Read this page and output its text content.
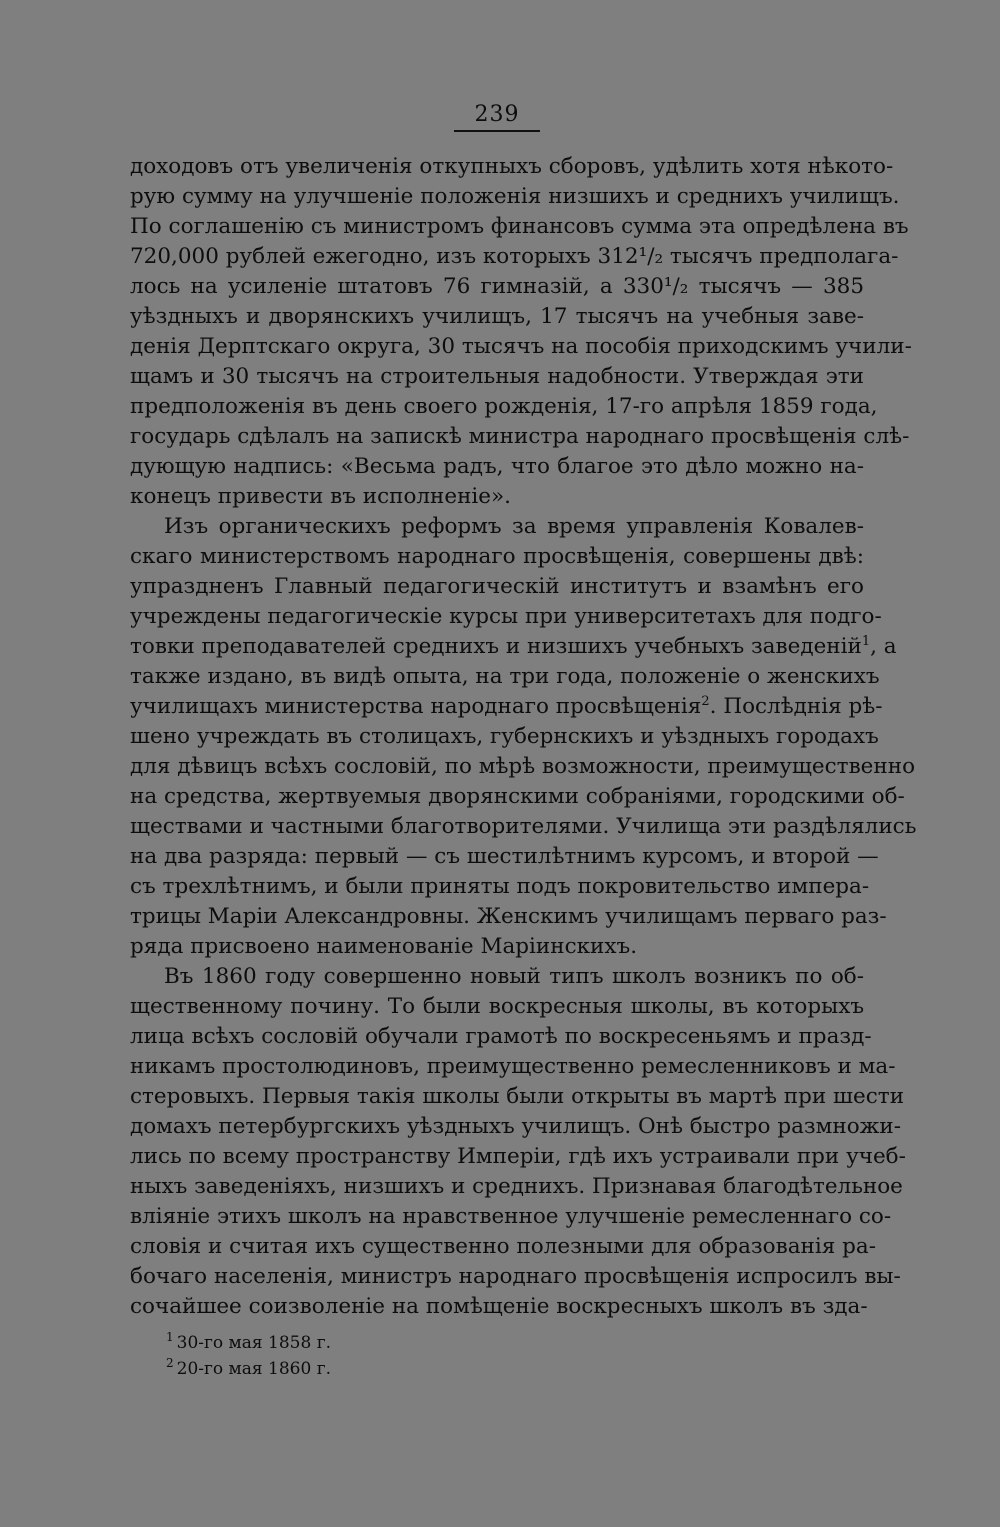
239
доходовъ отъ увеличенія откупныхъ сборовъ, удѣлить хотя нѣкото-
рую сумму на улучшеніе положенія низшихъ и среднихъ училищъ.
По соглашенію съ министромъ финансовъ сумма эта опредѣлена въ
720,000 рублей ежегодно, изъ которыхъ 312¹/₂ тысячъ предполага-
лось на усиленіе штатовъ 76 гимназій, а 330¹/₂ тысячъ — 385
уѣздныхъ и дворянскихъ училищъ, 17 тысячъ на учебныя заве-
денія Дерптскаго округа, 30 тысячъ на пособія приходскимъ учили-
щамъ и 30 тысячъ на строительныя надобности. Утверждая эти
предположенія въ день своего рожденія, 17-го апрѣля 1859 года,
государь сдѣлалъ на запискѣ министра народнаго просвѣщенія слѣ-
дующую надпись: «Весьма радъ, что благое это дѣло можно на-
конецъ привести въ исполненіе».
Изъ органическихъ реформъ за время управленія Ковалев-
скаго министерствомъ народнаго просвѣщенія, совершены двѣ:
упраздненъ Главный педагогическій институтъ и взамѣнъ его
учреждены педагогическіе курсы при университетахъ для подго-
товки преподавателей среднихъ и низшихъ учебныхъ заведеній$^1$, а
также издано, въ видѣ опыта, на три года, положеніе о женскихъ
училищахъ министерства народнаго просвѣщенія$^2$. Послѣднія рѣ-
шено учреждать въ столицахъ, губернскихъ и уѣздныхъ городахъ
для дѣвицъ всѣхъ сословій, по мѣрѣ возможности, преимущественно
на средства, жертвуемыя дворянскими собраніями, городскими об-
ществами и частными благотворителями. Училища эти раздѣлялись
на два разряда: первый — съ шестилѣтнимъ курсомъ, и второй —
съ трехлѣтнимъ, и были приняты подъ покровительство импера-
трицы Маріи Александровны. Женскимъ училищамъ перваго раз-
ряда присвоено наименованіе Маріинскихъ.
Въ 1860 году совершенно новый типъ школъ возникъ по об-
щественному почину. То были воскресныя школы, въ которыхъ
лица всѣхъ сословій обучали грамотѣ по воскресеньямъ и празд-
никамъ простолюдиновъ, преимущественно ремесленниковъ и ма-
стеровыхъ. Первыя такія школы были открыты въ мартѣ при шести
домахъ петербургскихъ уѣздныхъ училищъ. Онѣ быстро размножи-
лись по всему пространству Имперіи, гдѣ ихъ устраивали при учеб-
ныхъ заведеніяхъ, низшихъ и среднихъ. Признавая благодѣтельное
вліяніе этихъ школъ на нравственное улучшеніе ремесленнаго со-
словія и считая ихъ существенно полезными для образованія ра-
бочаго населенія, министръ народнаго просвѣщенія испросилъ вы-
сочайшее соизволеніе на помѣщеніе воскресныхъ школъ въ зда-
$^1$ 30-го мая 1858 г.
$^2$ 20-го мая 1860 г.
